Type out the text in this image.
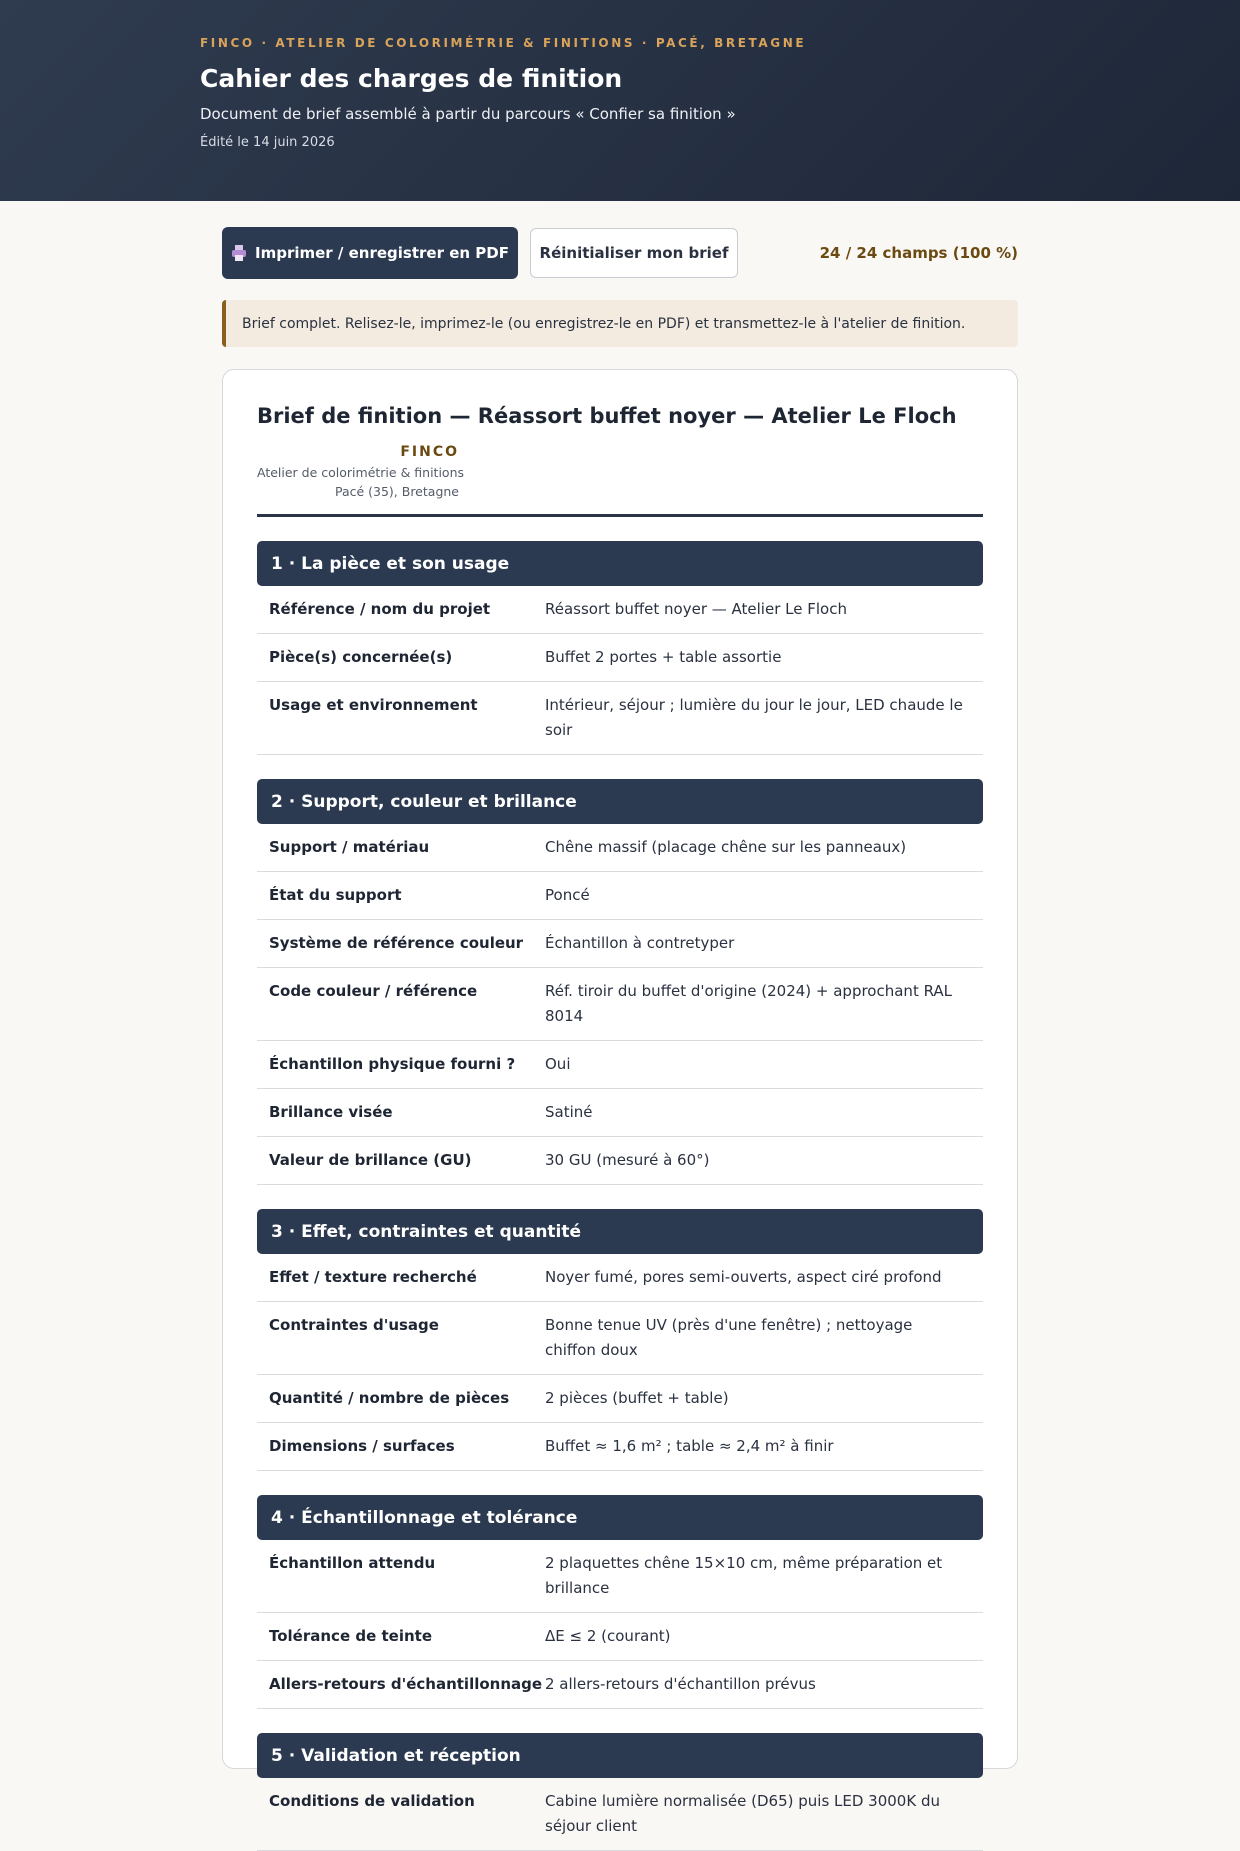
FINCO · ATELIER DE COLORIMÉTRIE & FINITIONS · PACÉ, BRETAGNE
Cahier des charges de finition

Document de brief assemblé à partir du parcours « Confier sa finition »

Édité le 14 juin 2026

Imprimer / enregistrer en PDF	Réinitialiser mon brief	24 / 24 champs (100 %)
Brief complet. Relisez-le, imprimez-le (ou enregistrez-le en PDF) et transmettez-le à l'atelier de finition.
Brief de finition — Réassort buffet noyer — Atelier Le Floch
FINCO
Atelier de colorimétrie & finitions
Pacé (35), Bretagne
1 · La pièce et son usage
Référence / nom du projet	Réassort buffet noyer — Atelier Le Floch
Pièce(s) concernée(s)	Buffet 2 portes + table assortie
Usage et environnement	Intérieur, séjour ; lumière du jour le jour, LED chaude le soir
2 · Support, couleur et brillance
Support / matériau	Chêne massif (placage chêne sur les panneaux)
État du support	Poncé
Système de référence couleur	Échantillon à contretyper
Code couleur / référence	Réf. tiroir du buffet d'origine (2024) + approchant RAL 8014
Échantillon physique fourni ?	Oui
Brillance visée	Satiné
Valeur de brillance (GU)	30 GU (mesuré à 60°)
3 · Effet, contraintes et quantité
Effet / texture recherché	Noyer fumé, pores semi-ouverts, aspect ciré profond
Contraintes d'usage	Bonne tenue UV (près d'une fenêtre) ; nettoyage chiffon doux
Quantité / nombre de pièces	2 pièces (buffet + table)
Dimensions / surfaces	Buffet ≈ 1,6 m² ; table ≈ 2,4 m² à finir
4 · Échantillonnage et tolérance
Échantillon attendu	2 plaquettes chêne 15×10 cm, même préparation et brillance
Tolérance de teinte	ΔE ≤ 2 (courant)
Allers-retours d'échantillonnage 2 allers-retours d'échantillon prévus
5 · Validation et réception
Conditions de validation	Cabine lumière normalisée (D65) puis LED 3000K du séjour client
